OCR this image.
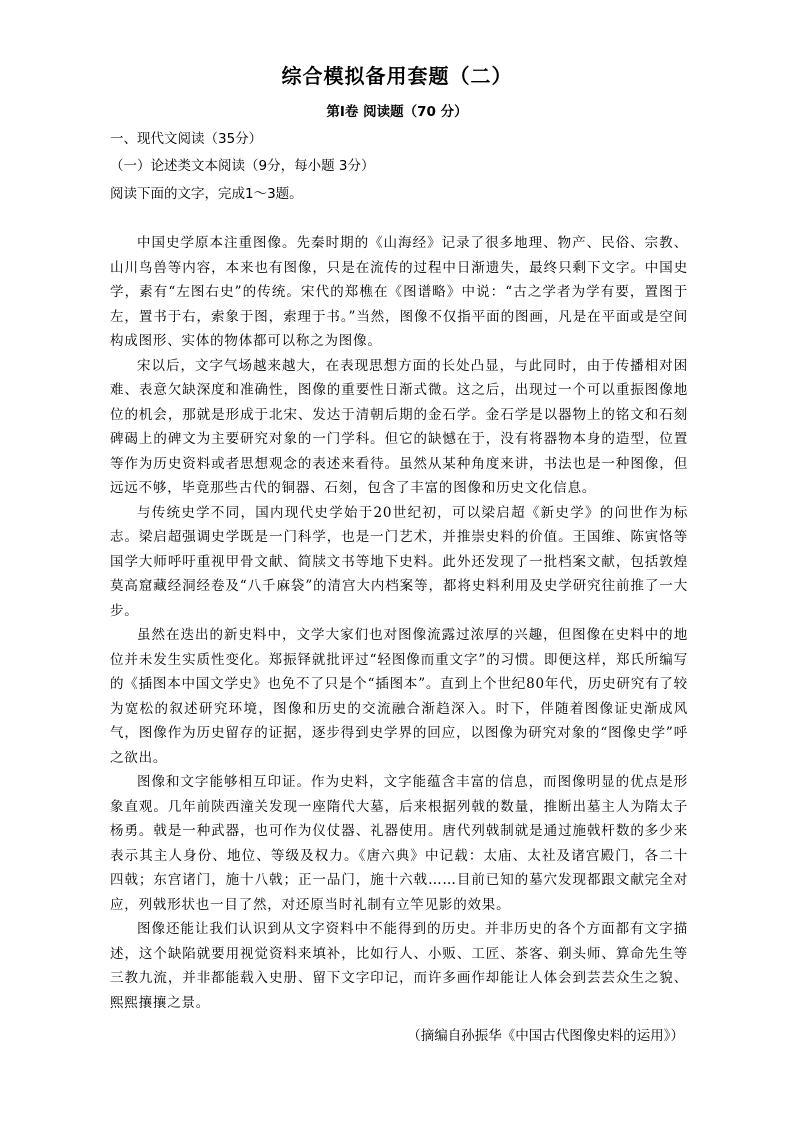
综合模拟备用套题（二）
第Ⅰ卷 阅读题（70 分）
一、现代文阅读（35分）
（一）论述类文本阅读（9分，每小题 3分）
阅读下面的文字，完成1～3题。

中国史学原本注重图像。先秦时期的《山海经》记录了很多地理、物产、民俗、宗教、山川鸟兽等内容，本来也有图像，只是在流传的过程中日渐遗失，最终只剩下文字。中国史学，素有“左图右史”的传统。宋代的郑樵在《图谱略》中说：“古之学者为学有要，置图于左，置书于右，索象于图，索理于书。”当然，图像不仅指平面的图画，凡是在平面或是空间构成图形、实体的物体都可以称之为图像。

宋以后，文字气场越来越大，在表现思想方面的长处凸显，与此同时，由于传播相对困难、表意欠缺深度和准确性，图像的重要性日渐式微。这之后，出现过一个可以重振图像地位的机会，那就是形成于北宋、发达于清朝后期的金石学。金石学是以器物上的铭文和石刻碑碣上的碑文为主要研究对象的一门学科。但它的缺憾在于，没有将器物本身的造型，位置等作为历史资料或者思想观念的表述来看待。虽然从某种角度来讲，书法也是一种图像，但远远不够，毕竟那些古代的铜器、石刻，包含了丰富的图像和历史文化信息。

与传统史学不同，国内现代史学始于20世纪初，可以梁启超《新史学》的问世作为标志。梁启超强调史学既是一门科学，也是一门艺术，并推崇史料的价值。王国维、陈寅恪等国学大师呼吁重视甲骨文献、简牍文书等地下史料。此外还发现了一批档案文献，包括敦煌莫高窟藏经洞经卷及“八千麻袋”的清宫大内档案等，都将史料利用及史学研究往前推了一大步。

虽然在迭出的新史料中，文学大家们也对图像流露过浓厚的兴趣，但图像在史料中的地位并未发生实质性变化。郑振铎就批评过“轻图像而重文字”的习惯。即便这样，郑氏所编写的《插图本中国文学史》也免不了只是个“插图本”。直到上个世纪80年代，历史研究有了较为宽松的叙述研究环境，图像和历史的交流融合渐趋深入。时下，伴随着图像证史渐成风气，图像作为历史留存的证据，逐步得到史学界的回应，以图像为研究对象的“图像史学”呼之欲出。

图像和文字能够相互印证。作为史料，文字能蕴含丰富的信息，而图像明显的优点是形象直观。几年前陕西潼关发现一座隋代大墓，后来根据列戟的数量，推断出墓主人为隋太子杨勇。戟是一种武器，也可作为仪仗器、礼器使用。唐代列戟制就是通过施戟杆数的多少来表示其主人身份、地位、等级及权力。《唐六典》中记载：太庙、太社及诸宫殿门，各二十四戟；东宫诸门，施十八戟；正一品门，施十六戟……目前已知的墓穴发现都跟文献完全对应，列戟形状也一目了然，对还原当时礼制有立竿见影的效果。

图像还能让我们认识到从文字资料中不能得到的历史。并非历史的各个方面都有文字描述，这个缺陷就要用视觉资料来填补，比如行人、小贩、工匠、茶客、剃头师、算命先生等三教九流，并非都能载入史册、留下文字印记，而许多画作却能让人体会到芸芸众生之貌、熙熙攘攘之景。

（摘编自孙振华《中国古代图像史料的运用》）
